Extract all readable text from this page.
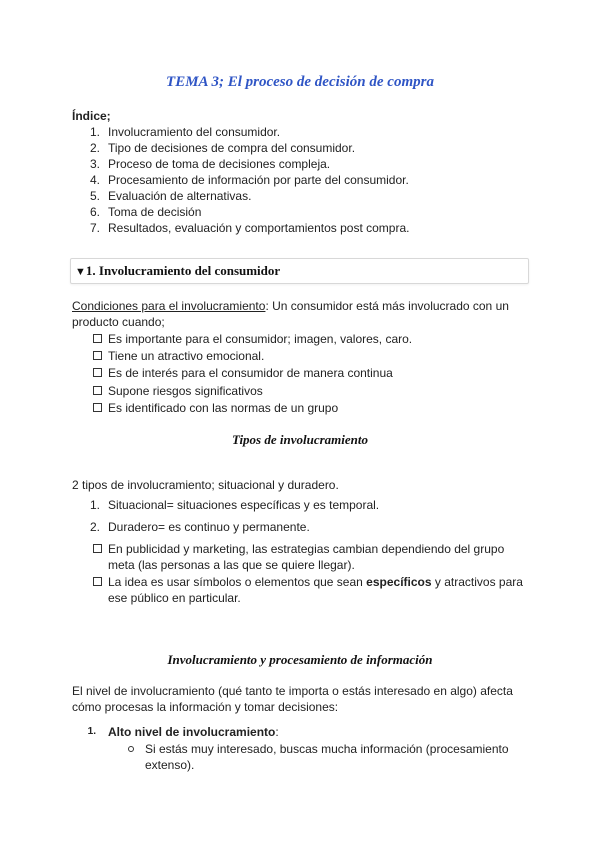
TEMA 3; El proceso de decisión de compra
Índice;
1. Involucramiento del consumidor.
2. Tipo de decisiones de compra del consumidor.
3. Proceso de toma de decisiones compleja.
4. Procesamiento de información por parte del consumidor.
5. Evaluación de alternativas.
6. Toma de decisión
7. Resultados, evaluación y comportamientos post compra.
▼1. Involucramiento del consumidor
Condiciones para el involucramiento: Un consumidor está más involucrado con un
producto cuando;
Es importante para el consumidor; imagen, valores, caro.
Tiene un atractivo emocional.
Es de interés para el consumidor de manera continua
Supone riesgos significativos
Es identificado con las normas de un grupo
Tipos de involucramiento
2 tipos de involucramiento; situacional y duradero.
1. Situacional= situaciones específicas y es temporal.
2. Duradero= es continuo y permanente.
En publicidad y marketing, las estrategias cambian dependiendo del grupo
meta (las personas a las que se quiere llegar).
La idea es usar símbolos o elementos que sean específicos y atractivos para
ese público en particular.
Involucramiento y procesamiento de información
El nivel de involucramiento (qué tanto te importa o estás interesado en algo) afecta
cómo procesas la información y tomar decisiones:
1. Alto nivel de involucramiento:
Si estás muy interesado, buscas mucha información (procesamiento
extenso).
